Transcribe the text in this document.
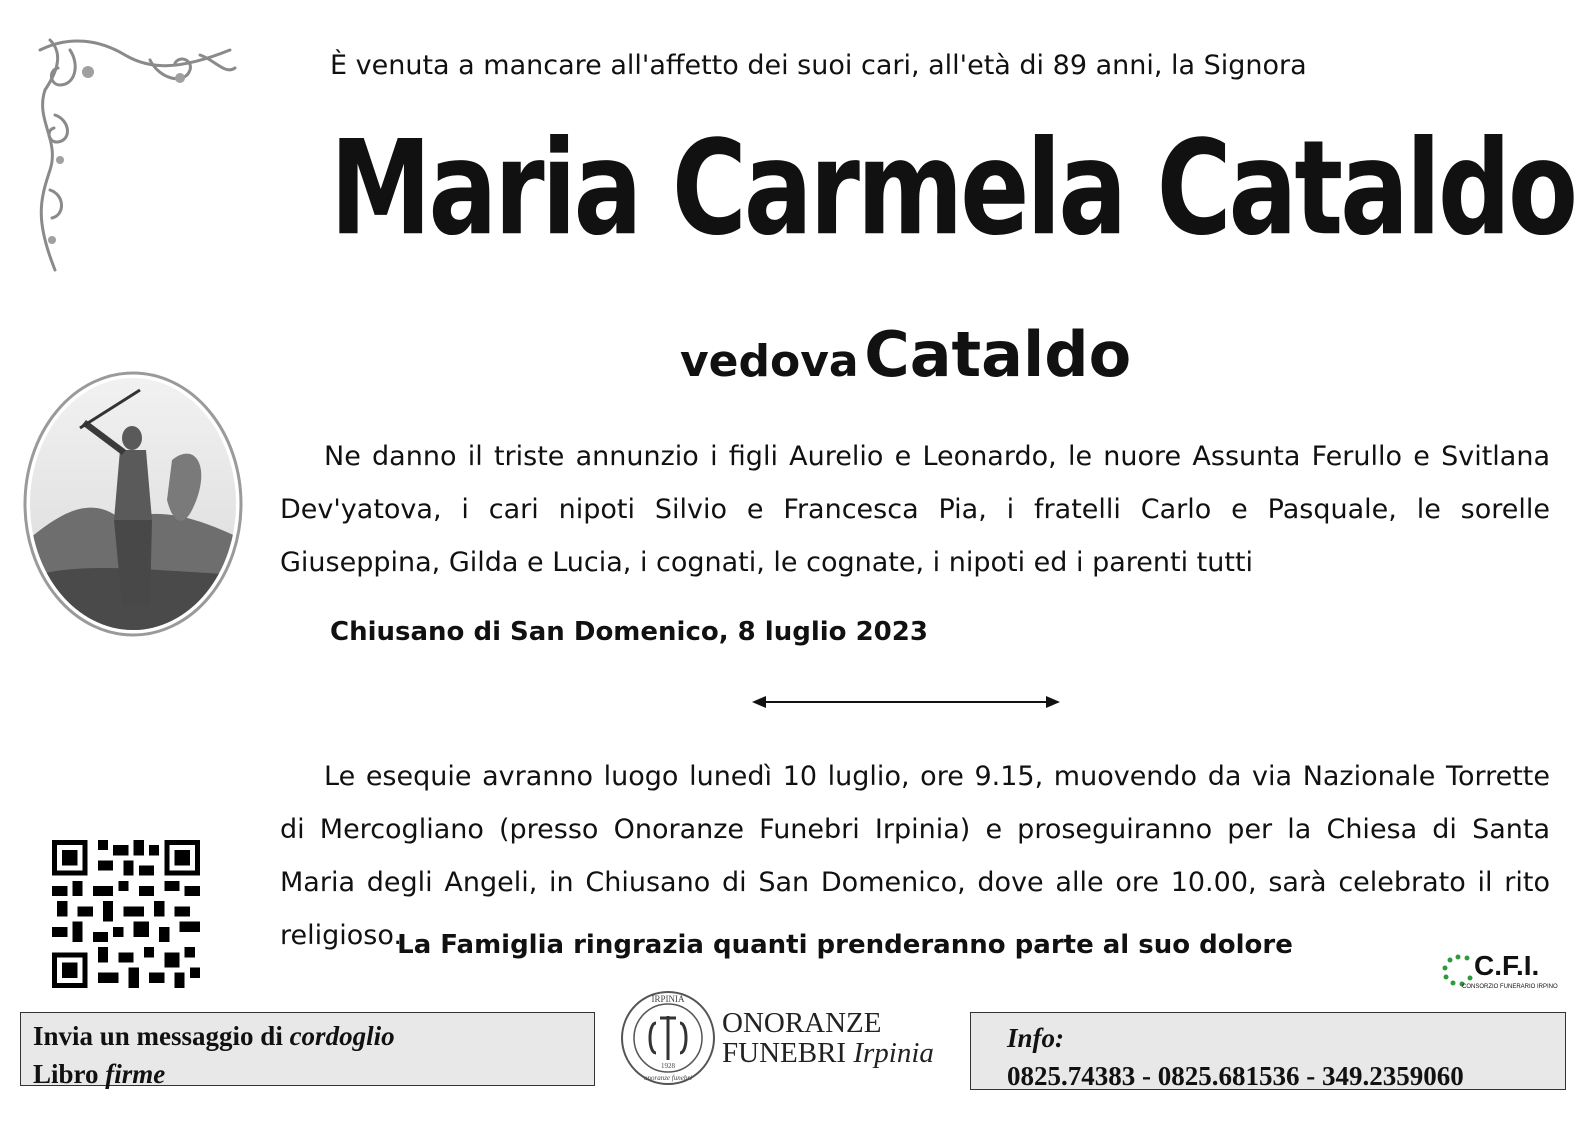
È venuta a mancare all'affetto dei suoi cari, all'età di 89 anni, la Signora
Maria Carmela Cataldo
vedova Cataldo
Ne danno il triste annunzio i figli Aurelio e Leonardo, le nuore Assunta Ferullo e Svitlana Dev'yatova, i cari nipoti Silvio e Francesca Pia, i fratelli Carlo e Pasquale, le sorelle Giuseppina, Gilda e Lucia, i cognati, le cognate, i nipoti ed i parenti tutti
Chiusano di San Domenico, 8 luglio 2023
Le esequie avranno luogo lunedì 10 luglio, ore 9.15, muovendo da via Nazionale Torrette di Mercogliano (presso Onoranze Funebri Irpinia) e proseguiranno per la Chiesa di Santa Maria degli Angeli, in Chiusano di San Domenico, dove alle ore 10.00, sarà celebrato il rito religioso.
La Famiglia ringrazia quanti prenderanno parte al suo dolore
C.F.I.
CONSORZIO FUNERARIO IRPINO
Invia un messaggio di cordoglio
Libro firme
IRPINIA
1928
onoranze funebri
ONORANZE
FUNEBRI Irpinia	Info:
0825.74383 - 0825.681536 - 349.2359060
